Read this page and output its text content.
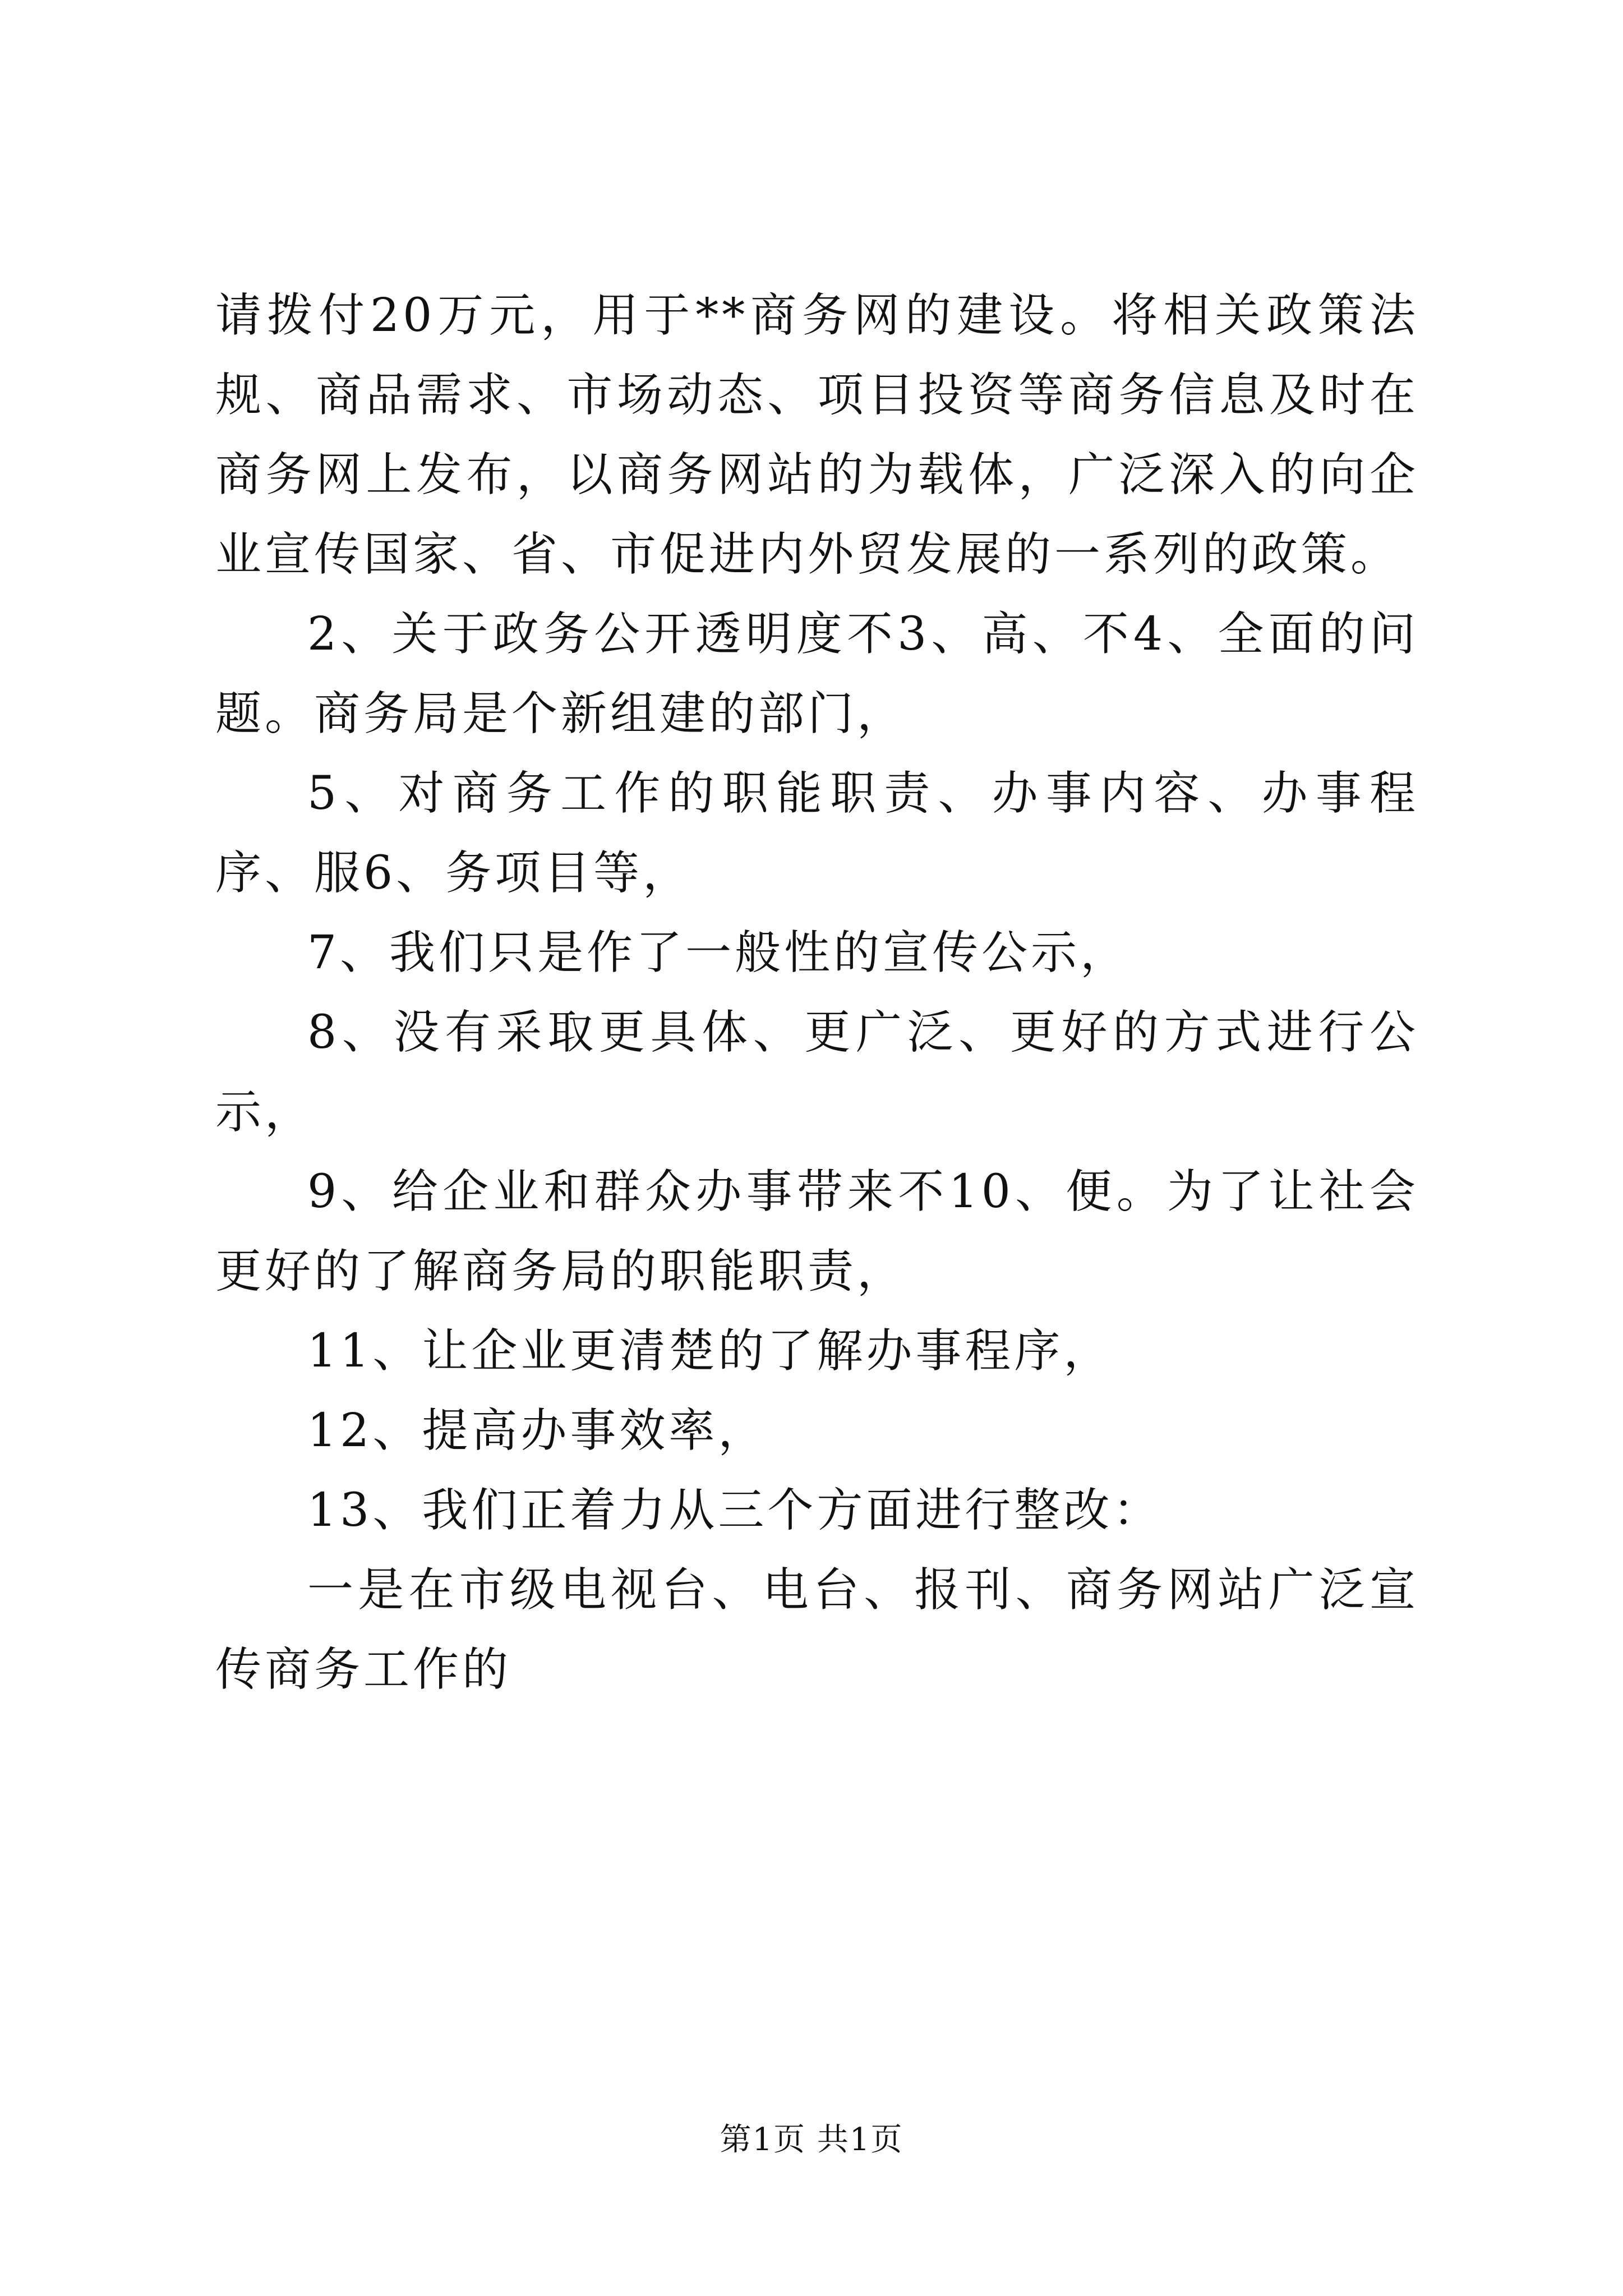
请拨付20万元，用于**商务网的建设。将相关政策法规、商品需求、市场动态、项目投资等商务信息及时在商务网上发布，以商务网站的为载体，广泛深入的向企业宣传国家、省、市促进内外贸发展的一系列的政策。

2、关于政务公开透明度不3、高、不4、全面的问题。商务局是个新组建的部门，

5、对商务工作的职能职责、办事内容、办事程序、服6、务项目等，

7、我们只是作了一般性的宣传公示，

8、没有采取更具体、更广泛、更好的方式进行公示，

9、给企业和群众办事带来不10、便。为了让社会更好的了解商务局的职能职责，

11、让企业更清楚的了解办事程序，

12、提高办事效率，

13、我们正着力从三个方面进行整改：

一是在市级电视台、电台、报刊、商务网站广泛宣传商务工作的

第1页 共1页
